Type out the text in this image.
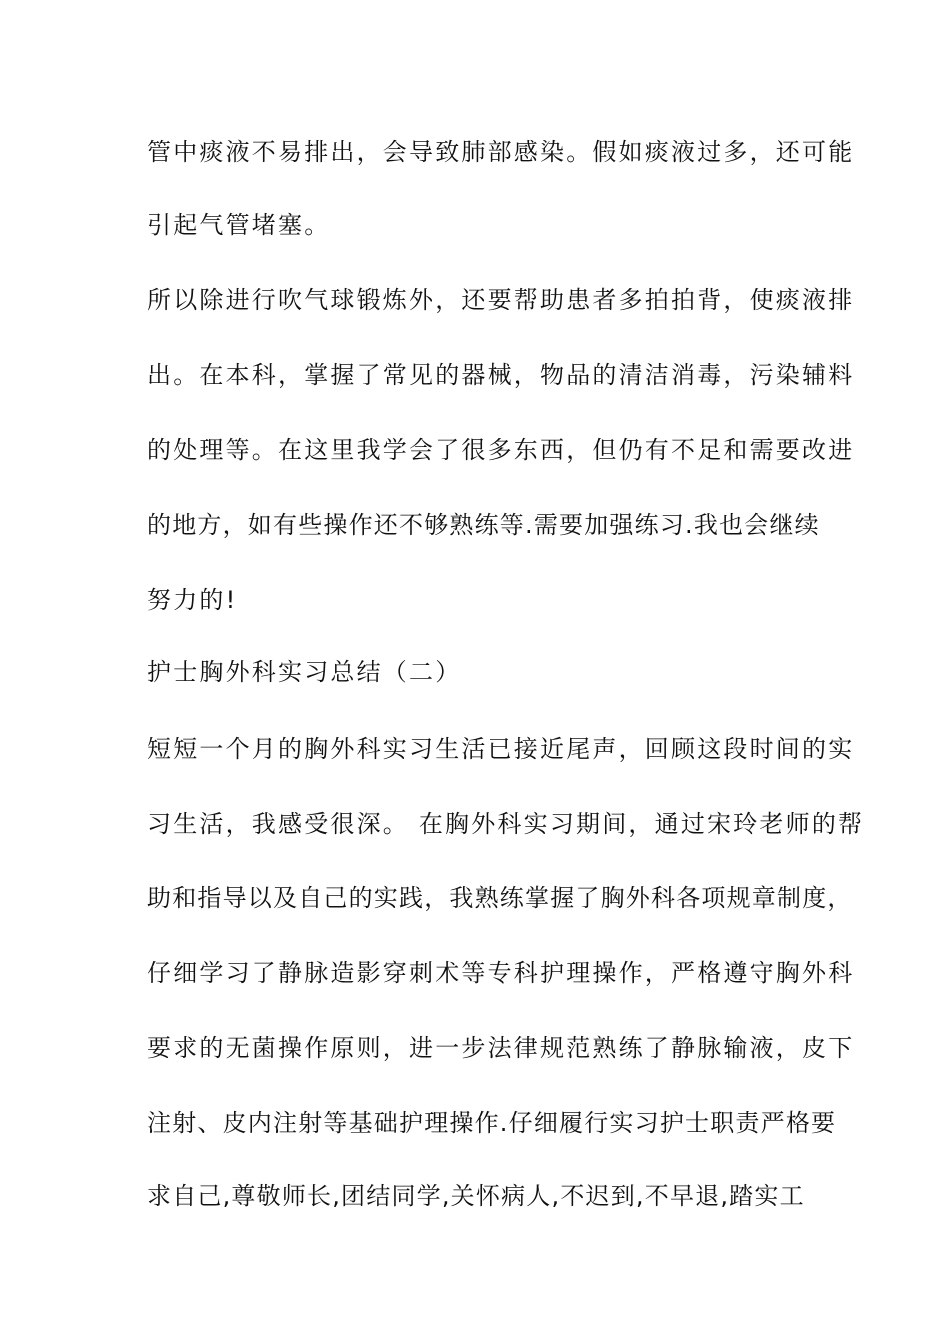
管中痰液不易排出，会导致肺部感染。假如痰液过多，还可能

引起气管堵塞。

所以除进行吹气球锻炼外，还要帮助患者多拍拍背，使痰液排

出。在本科，掌握了常见的器械，物品的清洁消毒，污染辅料

的处理等。在这里我学会了很多东西，但仍有不足和需要改进

的地方，如有些操作还不够熟练等.需要加强练习.我也会继续

努力的!

护士胸外科实习总结（二）

短短一个月的胸外科实习生活已接近尾声，回顾这段时间的实

习生活，我感受很深。 在胸外科实习期间，通过宋玲老师的帮

助和指导以及自己的实践，我熟练掌握了胸外科各项规章制度，

仔细学习了静脉造影穿刺术等专科护理操作，严格遵守胸外科

要求的无菌操作原则，进一步法律规范熟练了静脉输液，皮下

注射、皮内注射等基础护理操作.仔细履行实习护士职责严格要

求自己,尊敬师长,团结同学,关怀病人,不迟到,不早退,踏实工
